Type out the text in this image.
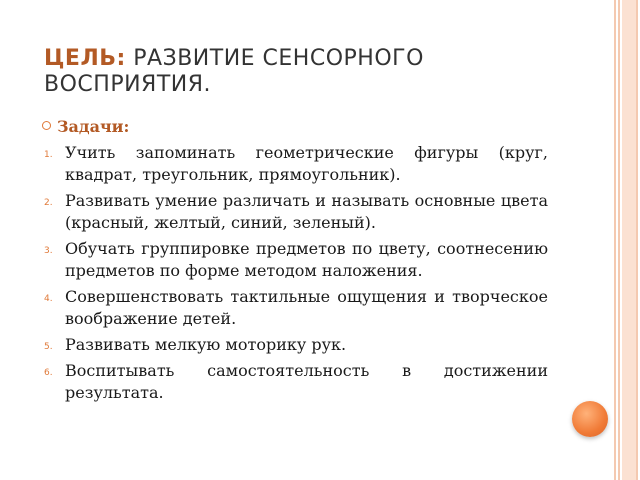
ЦЕЛЬ: РАЗВИТИЕ СЕНСОРНОГО ВОСПРИЯТИЯ.
Задачи:
1. Учить запоминать геометрические фигуры (круг, квадрат, треугольник, прямоугольник).
2. Развивать умение различать и называть основные цвета (красный, желтый, синий, зеленый).
3. Обучать группировке предметов по цвету, соотнесению предметов по форме методом наложения.
4. Совершенствовать тактильные ощущения и творческое воображение детей.
5. Развивать мелкую моторику рук.
6. Воспитывать самостоятельность в достижении результата.
